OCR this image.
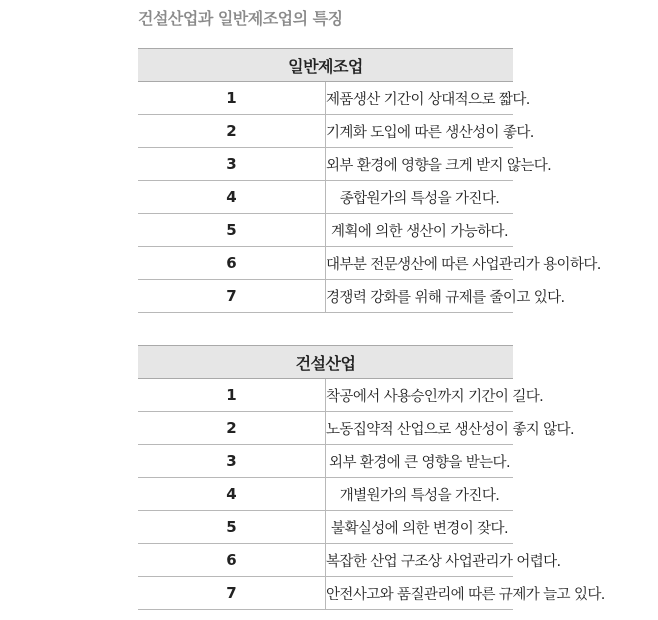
건설산업과 일반제조업의 특징
일반제조업	
1	제품생산 기간이 상대적으로 짧다.
2	기계화 도입에 따른 생산성이 좋다.
3	외부 환경에 영향을 크게 받지 않는다.
4	종합원가의 특성을 가진다.
5	계획에 의한 생산이 가능하다.
6	대부분 전문생산에 따른 사업관리가 용이하다.
7	경쟁력 강화를 위해 규제를 줄이고 있다.
건설산업	
1	착공에서 사용승인까지 기간이 길다.
2	노동집약적 산업으로 생산성이 좋지 않다.
3	외부 환경에 큰 영향을 받는다.
4	개별원가의 특성을 가진다.
5	불확실성에 의한 변경이 잦다.
6	복잡한 산업 구조상 사업관리가 어렵다.
7	안전사고와 품질관리에 따른 규제가 늘고 있다.
